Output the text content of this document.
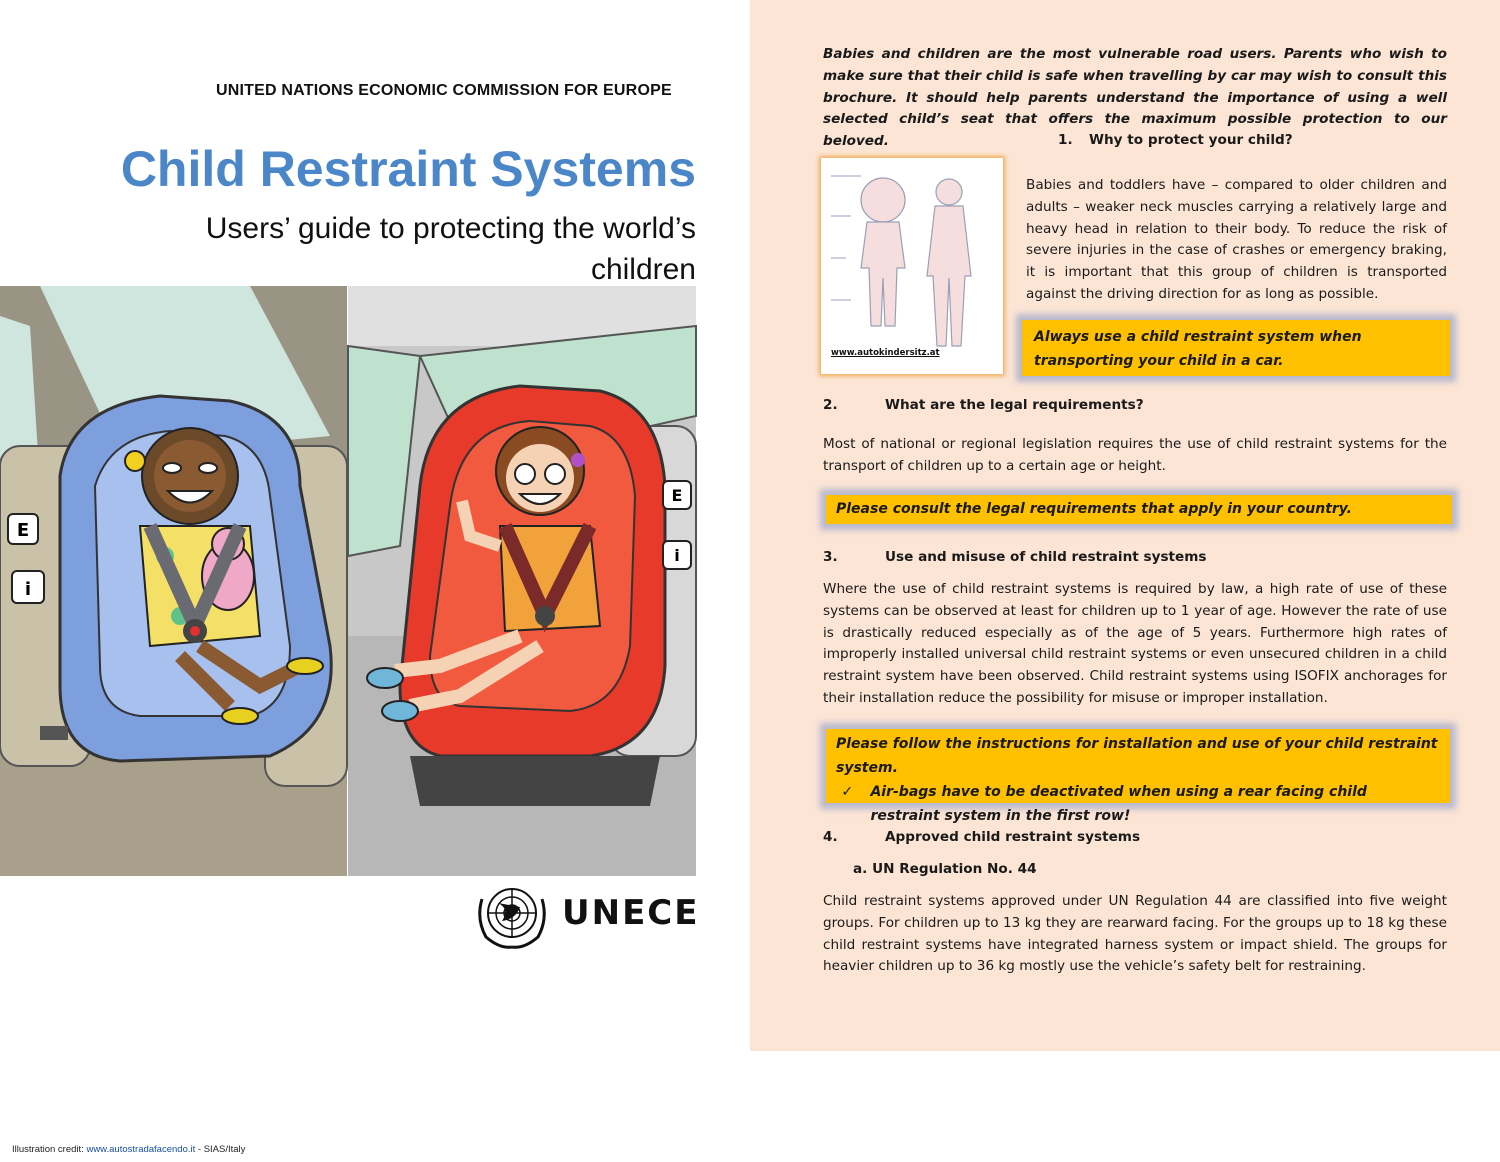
UNITED NATIONS ECONOMIC COMMISSION FOR EUROPE
Child Restraint Systems
Users’ guide to protecting the world’s children
E
i
E
i
Illustration credit: www.autostradafacendo.it - SIAS/Italy
UNECE
Babies and children are the most vulnerable road users. Parents who wish to make sure that their child is safe when travelling by car may wish to consult this brochure. It should help parents understand the importance of using a well selected child’s seat that offers the maximum possible protection to our beloved.	1. Why to protect your child?
www.autokindersitz.at
Babies and toddlers have – compared to older children and adults – weaker neck muscles carrying a relatively large and heavy head in relation to their body. To reduce the risk of severe injuries in the case of crashes or emergency braking, it is important that this group of children is transported against the driving direction for as long as possible.
Always use a child restraint system when transporting your child in a car.
2.	What are the legal requirements?
Most of national or regional legislation requires the use of child restraint systems for the transport of children up to a certain age or height.
Please consult the legal requirements that apply in your country.
3.	Use and misuse of child restraint systems
Where the use of child restraint systems is required by law, a high rate of use of these systems can be observed at least for children up to 1 year of age. However the rate of use is drastically reduced especially as of the age of 5 years. Furthermore high rates of improperly installed universal child restraint systems or even unsecured children in a child restraint system have been observed. Child restraint systems using ISOFIX anchorages for their installation reduce the possibility for misuse or improper installation.
Please follow the instructions for installation and use of your child restraint system.
✓	Air-bags have to be deactivated when using a rear facing child restraint system in the first row!
4.	Approved child restraint systems
a. UN Regulation No. 44
Child restraint systems approved under UN Regulation 44 are classified into five weight groups. For children up to 13 kg they are rearward facing. For the groups up to 18 kg these child restraint systems have integrated harness system or impact shield. The groups for heavier children up to 36 kg mostly use the vehicle’s safety belt for restraining.
